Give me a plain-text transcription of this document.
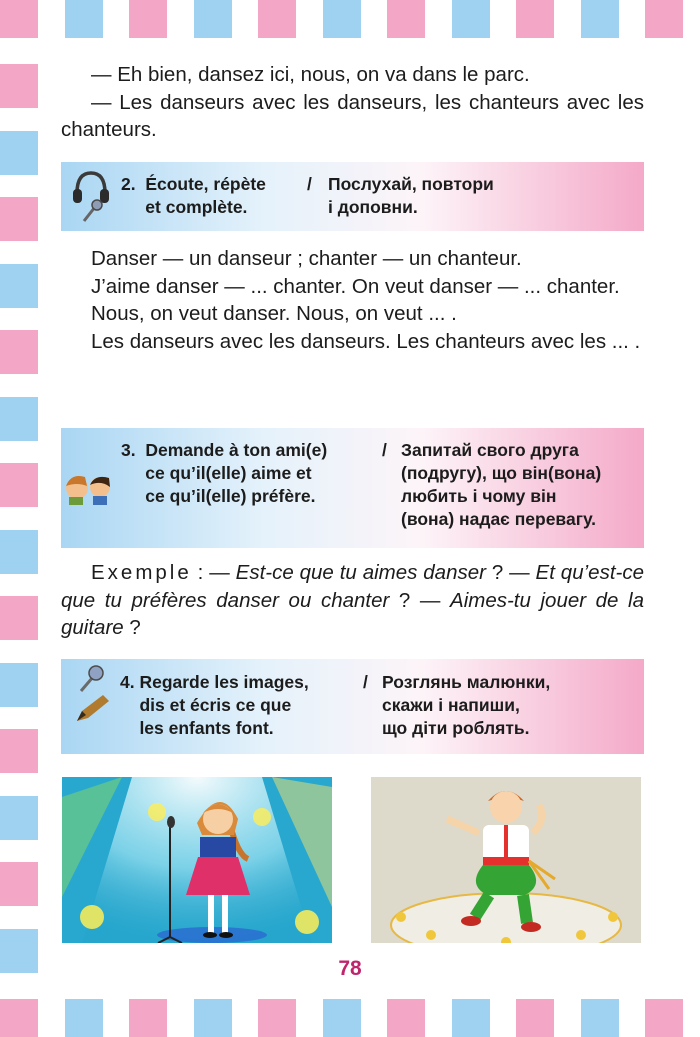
— Eh bien, dansez ici, nous, on va dans le parc.

— Les danseurs avec les danseurs, les chanteurs avec les chanteurs.

2.  Écoute, répète
et complète.
/ Послухай, повтори
і доповни.

Danser — un danseur ; chanter — un chanteur.

J’aime danser — ... chanter. On veut danser — ... chanter.

Nous, on veut danser. Nous, on veut ... .

Les danseurs avec les danseurs. Les chanteurs avec les ... .

3.  Demande à ton ami(e)
ce qu’il(elle) aime et
ce qu’il(elle) préfère.
/ Запитай свого друга
(подругу), що він(вона)
любить і чому він
(вона) надає перевагу.

Exemple : — Est-ce que tu aimes danser ? — Et qu’est-ce que tu préfères danser ou chanter ? — Aimes-tu jouer de la guitare ?

4. Regarde les images,
dis et écris ce que
les enfants font.
/ Розглянь малюнки,
скажи і напиши,
що діти роблять.
78
